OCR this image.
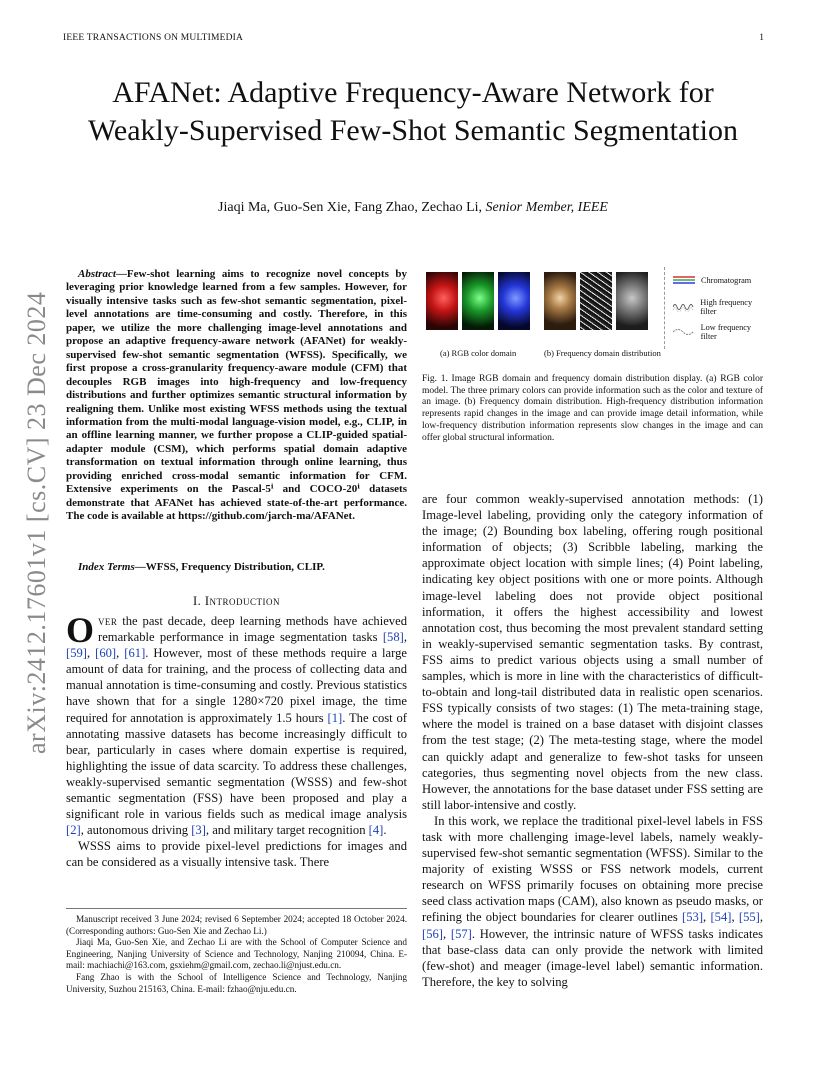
IEEE TRANSACTIONS ON MULTIMEDIA	1
arXiv:2412.17601v1 [cs.CV] 23 Dec 2024
AFANet: Adaptive Frequency-Aware Network for Weakly-Supervised Few-Shot Semantic Segmentation
Jiaqi Ma, Guo-Sen Xie, Fang Zhao, Zechao Li, Senior Member, IEEE
Abstract—Few-shot learning aims to recognize novel concepts by leveraging prior knowledge learned from a few samples. However, for visually intensive tasks such as few-shot semantic segmentation, pixel-level annotations are time-consuming and costly. Therefore, in this paper, we utilize the more challenging image-level annotations and propose an adaptive frequency-aware network (AFANet) for weakly-supervised few-shot semantic segmentation (WFSS). Specifically, we first propose a cross-granularity frequency-aware module (CFM) that decouples RGB images into high-frequency and low-frequency distributions and further optimizes semantic structural information by realigning them. Unlike most existing WFSS methods using the textual information from the multi-modal language-vision model, e.g., CLIP, in an offline learning manner, we further propose a CLIP-guided spatial-adapter module (CSM), which performs spatial domain adaptive transformation on textual information through online learning, thus providing enriched cross-modal semantic information for CFM. Extensive experiments on the Pascal-5ⁱ and COCO-20ⁱ datasets demonstrate that AFANet has achieved state-of-the-art performance. The code is available at https://github.com/jarch-ma/AFANet.
Index Terms—WFSS, Frequency Distribution, CLIP.
I. Introduction

Over the past decade, deep learning methods have achieved remarkable performance in image segmentation tasks [58], [59], [60], [61]. However, most of these methods require a large amount of data for training, and the process of collecting data and manual annotation is time-consuming and costly. Previous statistics have shown that for a single 1280×720 pixel image, the time required for annotation is approximately 1.5 hours [1]. The cost of annotating massive datasets has become increasingly difficult to bear, particularly in cases where domain expertise is required, highlighting the issue of data scarcity. To address these challenges, weakly-supervised semantic segmentation (WSSS) and few-shot semantic segmentation (FSS) have been proposed and play a significant role in various fields such as medical image analysis [2], autonomous driving [3], and military target recognition [4].

WSSS aims to provide pixel-level predictions for images and can be considered as a visually intensive task. There

Manuscript received 3 June 2024; revised 6 September 2024; accepted 18 October 2024.(Corresponding authors: Guo-Sen Xie and Zechao Li.)

Jiaqi Ma, Guo-Sen Xie, and Zechao Li are with the School of Computer Science and Engineering, Nanjing University of Science and Technology, Nanjing 210094, China. E-mail: machiachi@163.com, gsxiehm@gmail.com, zechao.li@njust.edu.cn.

Fang Zhao is with the School of Intelligence Science and Technology, Nanjing University, Suzhou 215163, China. E-mail: fzhao@nju.edu.cn.

(a) RGB color domain	(b) Frequency domain distribution
Chromatogram
High frequency filter
Low frequency filter
Fig. 1. Image RGB domain and frequency domain distribution display. (a) RGB color model. The three primary colors can provide information such as the color and texture of an image. (b) Frequency domain distribution. High-frequency distribution information represents rapid changes in the image and can provide image detail information, while low-frequency distribution information represents slow changes in the image and can offer global structural information.

are four common weakly-supervised annotation methods: (1) Image-level labeling, providing only the category information of the image; (2) Bounding box labeling, offering rough positional information of objects; (3) Scribble labeling, marking the approximate object location with simple lines; (4) Point labeling, indicating key object positions with one or more points. Although image-level labeling does not provide object positional information, it offers the highest accessibility and lowest annotation cost, thus becoming the most prevalent standard setting in weakly-supervised semantic segmentation tasks. By contrast, FSS aims to predict various objects using a small number of samples, which is more in line with the characteristics of difficult-to-obtain and long-tail distributed data in realistic open scenarios. FSS typically consists of two stages: (1) The meta-training stage, where the model is trained on a base dataset with disjoint classes from the test stage; (2) The meta-testing stage, where the model can quickly adapt and generalize to few-shot tasks for unseen categories, thus segmenting novel objects from the new class. However, the annotations for the base dataset under FSS setting are still labor-intensive and costly.

In this work, we replace the traditional pixel-level labels in FSS task with more challenging image-level labels, namely weakly-supervised few-shot semantic segmentation (WFSS). Similar to the majority of existing WSSS or FSS network models, current research on WFSS primarily focuses on obtaining more precise seed class activation maps (CAM), also known as pseudo masks, or refining the object boundaries for clearer outlines [53], [54], [55], [56], [57]. However, the intrinsic nature of WFSS tasks indicates that base-class data can only provide the network with limited (few-shot) and meager (image-level label) semantic information. Therefore, the key to solving
